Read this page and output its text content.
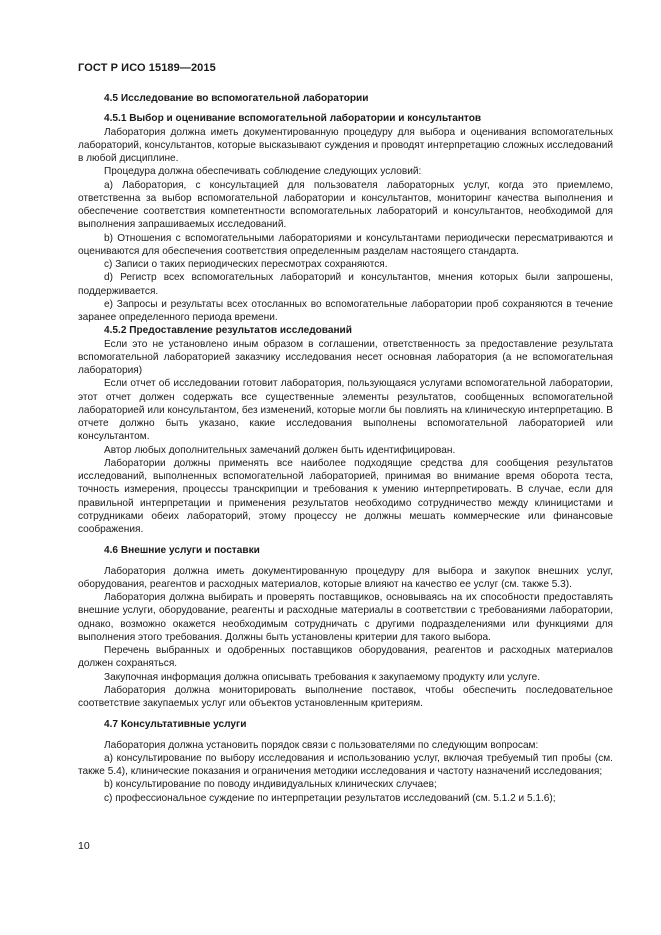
ГОСТ Р ИСО 15189—2015
4.5 Исследование во вспомогательной лаборатории
4.5.1 Выбор и оценивание вспомогательной лаборатории и консультантов

Лаборатория должна иметь документированную процедуру для выбора и оценивания вспомогательных лабораторий, консультантов, которые высказывают суждения и проводят интерпретацию сложных исследований в любой дисциплине.

Процедура должна обеспечивать соблюдение следующих условий:

а) Лаборатория, с консультацией для пользователя лабораторных услуг, когда это приемлемо, ответственна за выбор вспомогательной лаборатории и консультантов, мониторинг качества выполнения и обеспечение соответствия компетентности вспомогательных лабораторий и консультантов, необходимой для выполнения запрашиваемых исследований.

b) Отношения с вспомогательными лабораториями и консультантами периодически пересматриваются и оцениваются для обеспечения соответствия определенным разделам настоящего стандарта.

c) Записи о таких периодических пересмотрах сохраняются.

d) Регистр всех вспомогательных лабораторий и консультантов, мнения которых были запрошены, поддерживается.

e) Запросы и результаты всех отосланных во вспомогательные лаборатории проб сохраняются в течение заранее определенного периода времени.

4.5.2 Предоставление результатов исследований

Если это не установлено иным образом в соглашении, ответственность за предоставление результата вспомогательной лабораторией заказчику исследования несет основная лаборатория (а не вспомогательная лаборатория)

Если отчет об исследовании готовит лаборатория, пользующаяся услугами вспомогательной лаборатории, этот отчет должен содержать все существенные элементы результатов, сообщенных вспомогательной лабораторией или консультантом, без изменений, которые могли бы повлиять на клиническую интерпретацию. В отчете должно быть указано, какие исследования выполнены вспомогательной лабораторией или консультантом.

Автор любых дополнительных замечаний должен быть идентифицирован.

Лаборатории должны применять все наиболее подходящие средства для сообщения результатов исследований, выполненных вспомогательной лабораторией, принимая во внимание время оборота теста, точность измерения, процессы транскрипции и требования к умению интерпретировать. В случае, если для правильной интерпретации и применения результатов необходимо сотрудничество между клиницистами и сотрудниками обеих лабораторий, этому процессу не должны мешать коммерческие или финансовые соображения.

4.6 Внешние услуги и поставки

Лаборатория должна иметь документированную процедуру для выбора и закупок внешних услуг, оборудования, реагентов и расходных материалов, которые влияют на качество ее услуг (см. также 5.3).

Лаборатория должна выбирать и проверять поставщиков, основываясь на их способности предоставлять внешние услуги, оборудование, реагенты и расходные материалы в соответствии с требованиями лаборатории, однако, возможно окажется необходимым сотрудничать с другими подразделениями или функциями для выполнения этого требования. Должны быть установлены критерии для такого выбора.

Перечень выбранных и одобренных поставщиков оборудования, реагентов и расходных материалов должен сохраняться.

Закупочная информация должна описывать требования к закупаемому продукту или услуге.

Лаборатория должна мониторировать выполнение поставок, чтобы обеспечить последовательное соответствие закупаемых услуг или объектов установленным критериям.

4.7 Консультативные услуги

Лаборатория должна установить порядок связи с пользователями по следующим вопросам:

а) консультирование по выбору исследования и использованию услуг, включая требуемый тип пробы (см. также 5.4), клинические показания и ограничения методики исследования и частоту назначений исследования;

b) консультирование по поводу индивидуальных клинических случаев;

c) профессиональное суждение по интерпретации результатов исследований (см. 5.1.2 и 5.1.6);

10
